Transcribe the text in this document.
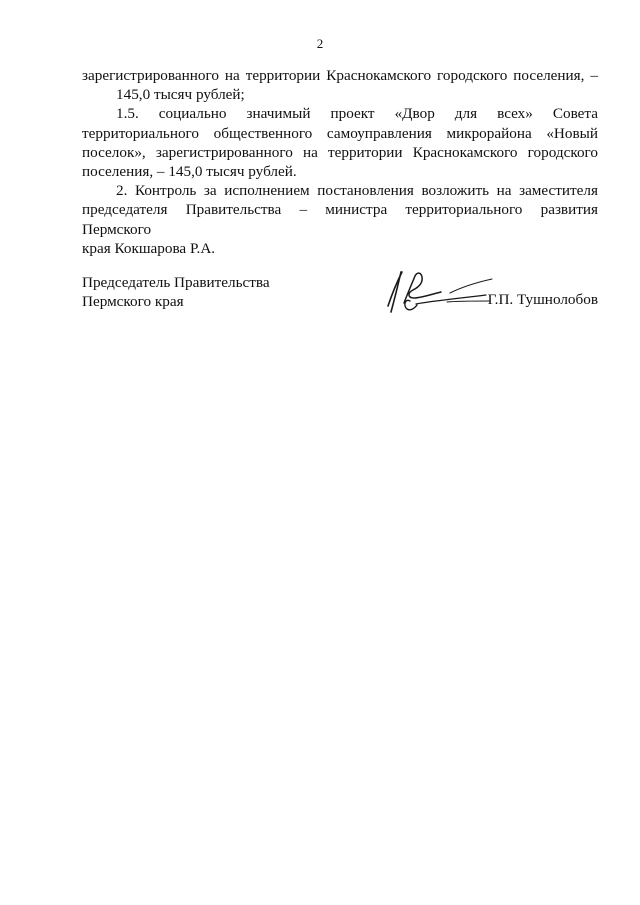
2

зарегистрированного на территории Краснокамского городского поселения, –
145,0 тысяч рублей;

1.5. социально значимый проект «Двор для всех» Совета
территориального общественного самоуправления микрорайона «Новый
поселок», зарегистрированного на территории Краснокамского городского
поселения, – 145,0 тысяч рублей.

2. Контроль за исполнением постановления возложить на заместителя
председателя Правительства – министра территориального развития Пермского
края Кокшарова Р.А.

Председатель Правительства
Пермского края	Г.П. Тушнолобов
